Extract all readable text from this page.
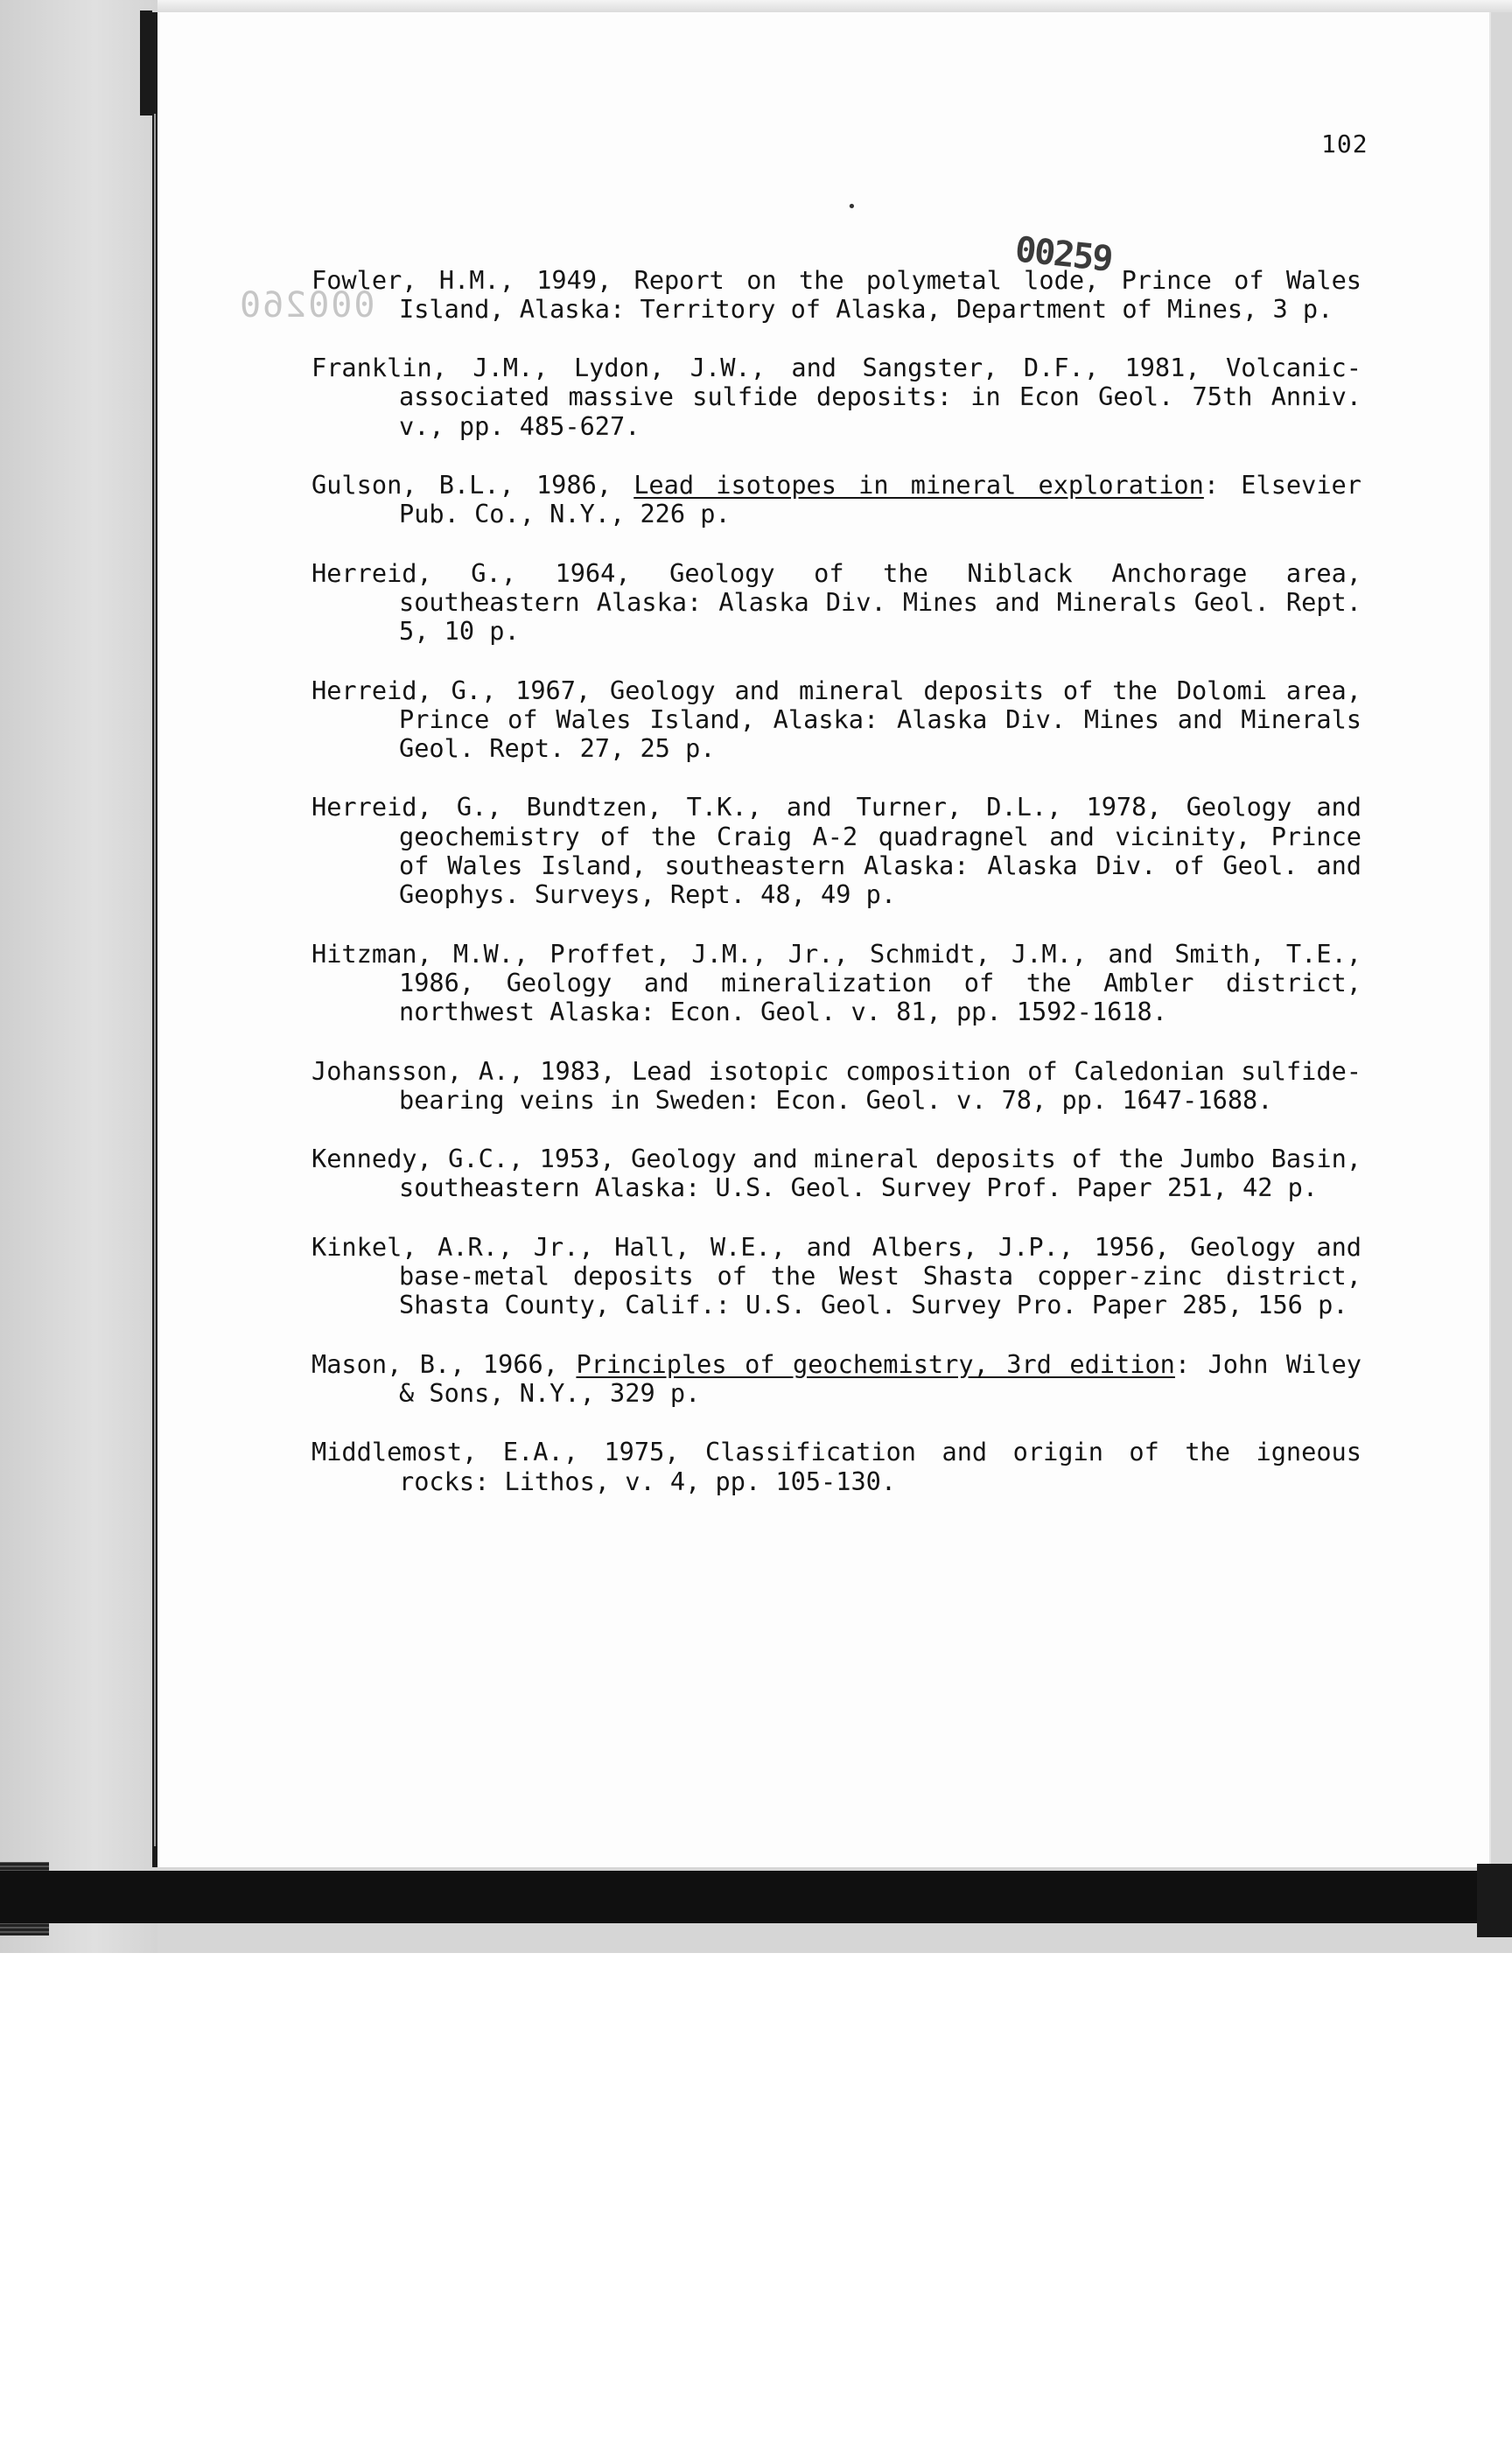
102
•
00259
000260

Fowler, H.M., 1949, Report on the polymetal lode, Prince of Wales Island, Alaska: Territory of Alaska, Department of Mines, 3 p.

Franklin, J.M., Lydon, J.W., and Sangster, D.F., 1981, Volcanic-associated massive sulfide deposits: in Econ Geol. 75th Anniv. v., pp. 485-627.

Gulson, B.L., 1986, Lead isotopes in mineral exploration: Elsevier Pub. Co., N.Y., 226 p.

Herreid, G., 1964, Geology of the Niblack Anchorage area, southeastern Alaska: Alaska Div. Mines and Minerals Geol. Rept. 5, 10 p.

Herreid, G., 1967, Geology and mineral deposits of the Dolomi area, Prince of Wales Island, Alaska: Alaska Div. Mines and Minerals Geol. Rept. 27, 25 p.

Herreid, G., Bundtzen, T.K., and Turner, D.L., 1978, Geology and geochemistry of the Craig A-2 quadragnel and vicinity, Prince of Wales Island, southeastern Alaska: Alaska Div. of Geol. and Geophys. Surveys, Rept. 48, 49 p.

Hitzman, M.W., Proffet, J.M., Jr., Schmidt, J.M., and Smith, T.E., 1986, Geology and mineralization of the Ambler district, northwest Alaska: Econ. Geol. v. 81, pp. 1592-1618.

Johansson, A., 1983, Lead isotopic composition of Caledonian sulfide-bearing veins in Sweden: Econ. Geol. v. 78, pp. 1647-1688.

Kennedy, G.C., 1953, Geology and mineral deposits of the Jumbo Basin, southeastern Alaska: U.S. Geol. Survey Prof. Paper 251, 42 p.

Kinkel, A.R., Jr., Hall, W.E., and Albers, J.P., 1956, Geology and base-metal deposits of the West Shasta copper-zinc district, Shasta County, Calif.: U.S. Geol. Survey Pro. Paper 285, 156 p.

Mason, B., 1966, Principles of geochemistry, 3rd edition: John Wiley & Sons, N.Y., 329 p.

Middlemost, E.A., 1975, Classification and origin of the igneous rocks: Lithos, v. 4, pp. 105-130.
